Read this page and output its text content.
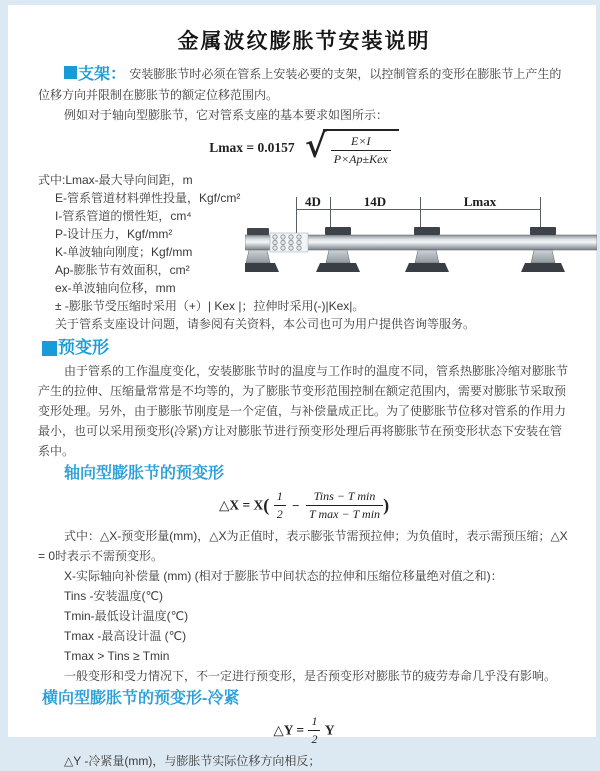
金属波纹膨胀节安装说明
支架： 安装膨胀节时必须在管系上安装必要的支架，以控制管系的变形在膨胀节上产生的位移方向并限制在膨胀节的额定位移范围内。
例如对于轴向型膨胀节，它对管系支座的基本要求如图所示：
Lmax = 0.0157 √ $\frac{E\times I}{\text{P×Ap±Kex}}$
式中:Lmax-最大导向间距，m
E-管系管道材料弹性投量，Kgf/cm²
I-管系管道的惯性矩，cm⁴
P-设计压力，Kgf/mm²
K-单波轴向刚度；Kgf/mm
Ap-膨胀节有效面积，cm²
ex-单波轴向位移，mm
± -膨胀节受压缩时采用（+）| Kex |；拉伸时采用(-)|Kex|。
关于管系支座设计问题，请参阅有关资料，本公司也可为用户提供咨询等服务。
预变形
由于管系的工作温度变化，安装膨胀节时的温度与工作时的温度不同，管系热膨胀冷缩对膨胀节产生的拉伸、压缩量常常是不均等的，为了膨胀节变形范围控制在额定范围内，需要对膨胀节采取预变形处理。另外，由于膨胀节刚度是一个定值，与补偿量成正比。为了使膨胀节位移对管系的作用力最小，也可以采用预变形(冷紧)方让对膨胀节进行预变形处理后再将膨胀节在预变形状态下安装在管系中。
轴向型膨胀节的预变形
△X = $X( \frac{1}{2} - \frac{\text{Tins − T min}}{\text{T max − T min}}$ )
式中：△X-预变形量(mm)，△X为正值时，表示膨张节需预拉伸；为负值时，表示需预压缩；△X = 0时表示不需预变形。
X-实际轴向补偿量 (mm) (相对于膨胀节中间状态的拉伸和压缩位移量绝对值之和)：
Tins -安装温度(℃)
Tmin-最低设计温度(℃)
Tmax -最高设计温 (℃)
Tmax > Tins ≥ Tmin
一般变形和受力情况下，不一定进行预变形，是否预变形对膨胀节的疲劳寿命几乎没有影响。
横向型膨胀节的预变形-冷紧
△Y = $\frac{1}{2}$ Y
△Y -冷紧量(mm)，与膨胀节实际位移方向相反；
4D	14D	Lmax
